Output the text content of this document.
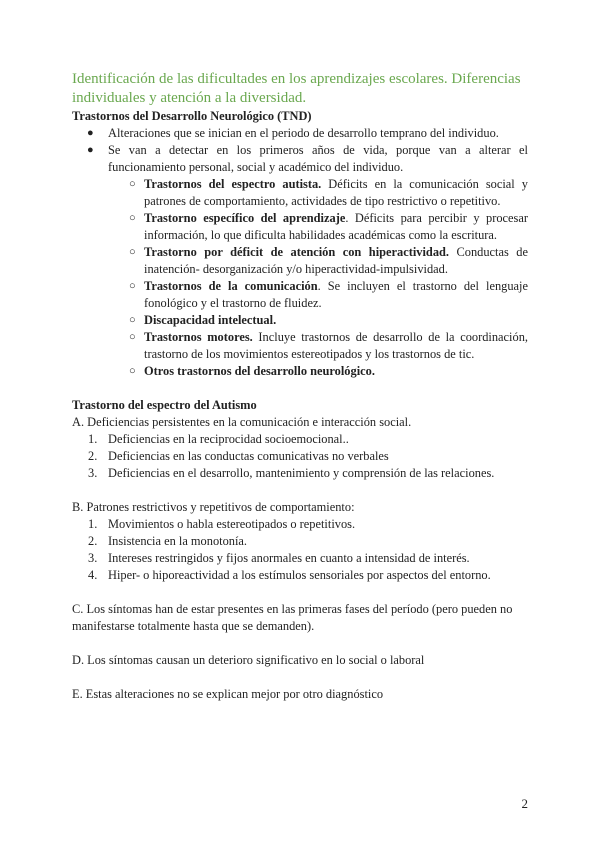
Identificación de las dificultades en los aprendizajes escolares. Diferencias individuales y atención a la diversidad.
Trastornos del Desarrollo Neurológico (TND)
● Alteraciones que se inician en el periodo de desarrollo temprano del individuo.
● Se van a detectar en los primeros años de vida, porque van a alterar el funcionamiento personal, social y académico del individuo.
○ Trastornos del espectro autista. Déficits en la comunicación social y patrones de comportamiento, actividades de tipo restrictivo o repetitivo.
○ Trastorno específico del aprendizaje. Déficits para percibir y procesar información, lo que dificulta habilidades académicas como la escritura.
○ Trastorno por déficit de atención con hiperactividad. Conductas de inatención- desorganización y/o hiperactividad-impulsividad.
○ Trastornos de la comunicación. Se incluyen el trastorno del lenguaje fonológico y el trastorno de fluidez.
○ Discapacidad intelectual.
○ Trastornos motores. Incluye trastornos de desarrollo de la coordinación, trastorno de los movimientos estereotipados y los trastornos de tic.
○ Otros trastornos del desarrollo neurológico.
Trastorno del espectro del Autismo

A. Deficiencias persistentes en la comunicación e interacción social.

1. Deficiencias en la reciprocidad socioemocional..
2. Deficiencias en las conductas comunicativas no verbales
3. Deficiencias en el desarrollo, mantenimiento y comprensión de las relaciones.

B. Patrones restrictivos y repetitivos de comportamiento:

1. Movimientos o habla estereotipados o repetitivos.
2. Insistencia en la monotonía.
3. Intereses restringidos y fijos anormales en cuanto a intensidad de interés.
4. Hiper- o hiporeactividad a los estímulos sensoriales por aspectos del entorno.

C. Los síntomas han de estar presentes en las primeras fases del período (pero pueden no manifestarse totalmente hasta que se demanden).

D. Los síntomas causan un deterioro significativo en lo social o laboral

E. Estas alteraciones no se explican mejor por otro diagnóstico

2
